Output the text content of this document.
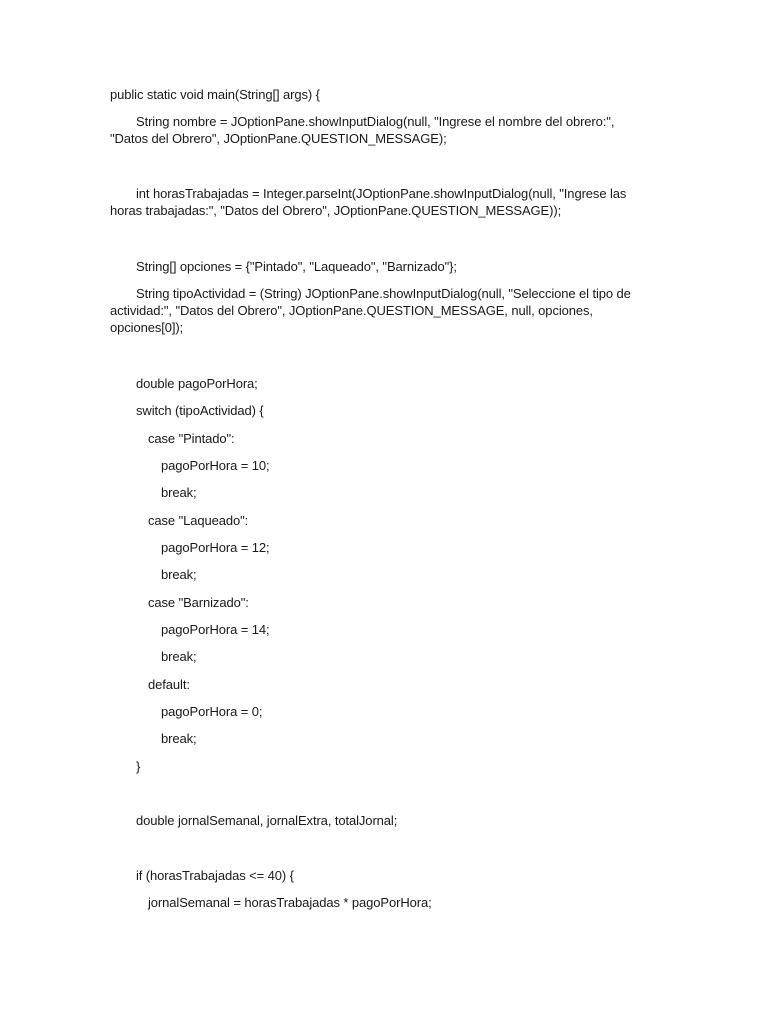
public static void main(String[] args) {
String nombre = JOptionPane.showInputDialog(null, "Ingrese el nombre del obrero:", "Datos del Obrero", JOptionPane.QUESTION_MESSAGE);
int horasTrabajadas = Integer.parseInt(JOptionPane.showInputDialog(null, "Ingrese las horas trabajadas:", "Datos del Obrero", JOptionPane.QUESTION_MESSAGE));
String[] opciones = {"Pintado", "Laqueado", "Barnizado"};
String tipoActividad = (String) JOptionPane.showInputDialog(null, "Seleccione el tipo de actividad:", "Datos del Obrero", JOptionPane.QUESTION_MESSAGE, null, opciones, opciones[0]);
double pagoPorHora;
switch (tipoActividad) {
case "Pintado":
pagoPorHora = 10;
break;
case "Laqueado":
pagoPorHora = 12;
break;
case "Barnizado":
pagoPorHora = 14;
break;
default:
pagoPorHora = 0;
break;
}
double jornalSemanal, jornalExtra, totalJornal;
if (horasTrabajadas <= 40) {
jornalSemanal = horasTrabajadas * pagoPorHora;
